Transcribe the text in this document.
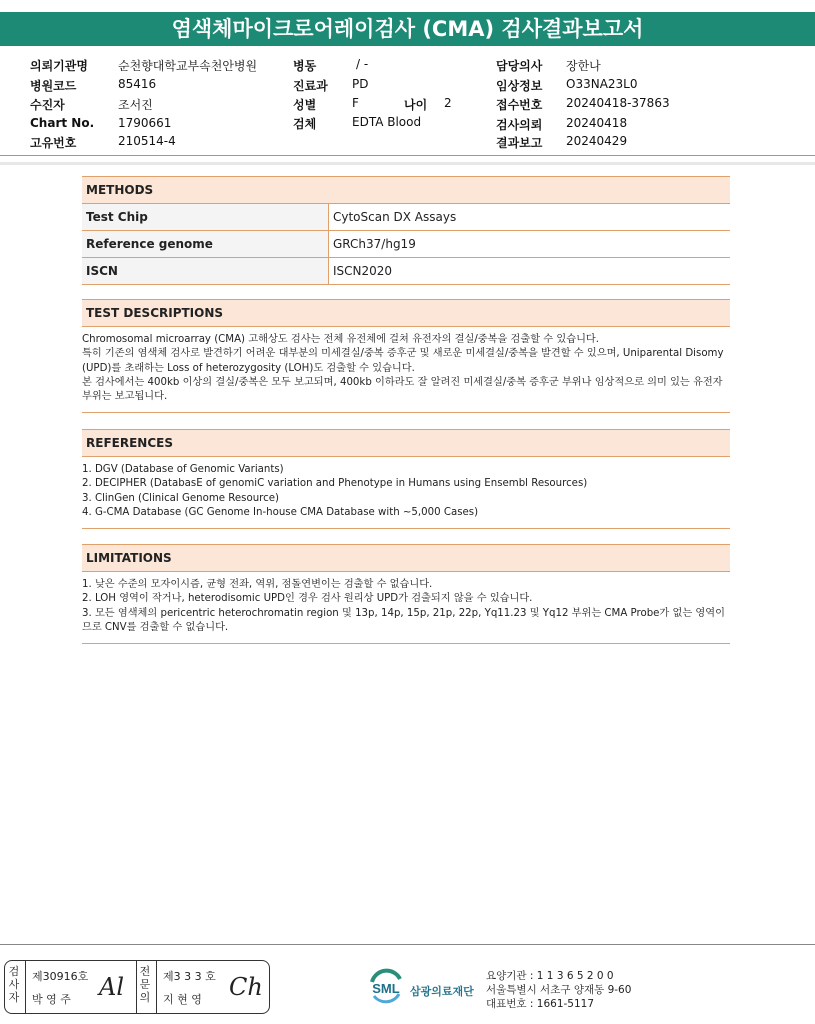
염색체마이크로어레이검사 (CMA) 검사결과보고서
의뢰기관명	순천향대학교부속천안병원
병원코드	85416
수진자	조서진
Chart No. 1790661
고유번호	210514-4
병동	/ -
진료과 PD
성별	F	나이 2
검체	EDTA Blood
담당의사 장한나
임상정보 O33NA23L0
접수번호 20240418-37863
검사의뢰 20240418
결과보고 20240429
METHODS
Test Chip	CytoScan DX Assays
Reference genome	GRCh37/hg19
ISCN	ISCN2020
TEST DESCRIPTIONS

Chromosomal microarray (CMA) 고해상도 검사는 전체 유전체에 걸쳐 유전자의 결실/중복을 검출할 수 있습니다.

특히 기존의 염색체 검사로 발견하기 어려운 대부분의 미세결실/중복 증후군 및 새로운 미세결실/중복을 발견할 수 있으며, Uniparental Disomy (UPD)를 초래하는 Loss of heterozygosity (LOH)도 검출할 수 있습니다.

본 검사에서는 400kb 이상의 결실/중복은 모두 보고되며, 400kb 이하라도 잘 알려진 미세결실/중복 증후군 부위나 임상적으로 의미 있는 유전자 부위는 보고됩니다.

REFERENCES

1. DGV (Database of Genomic Variants)

2. DECIPHER (DatabasE of genomiC variation and Phenotype in Humans using Ensembl Resources)

3. ClinGen (Clinical Genome Resource)

4. G-CMA Database (GC Genome In-house CMA Database with ~5,000 Cases)

LIMITATIONS

1. 낮은 수준의 모자이시즘, 균형 전좌, 역위, 점돌연변이는 검출할 수 없습니다.

2. LOH 영역이 작거나, heterodisomic UPD인 경우 검사 원리상 UPD가 검출되지 않을 수 있습니다.

3. 모든 염색체의 pericentric heterochromatin region 및 13p, 14p, 15p, 21p, 22p, Yq11.23 및 Yq12 부위는 CMA Probe가 없는 영역이므로 CNV를 검출할 수 없습니다.

검사자
제30916호
박 영 주 Al
전문의
제3 3 3 호
지 현 영 Ch	SML 삼광의료재단
요양기관 : 1 1 3 6 5 2 0 0
서울특별시 서초구 양재동 9-60
대표번호 : 1661-5117
